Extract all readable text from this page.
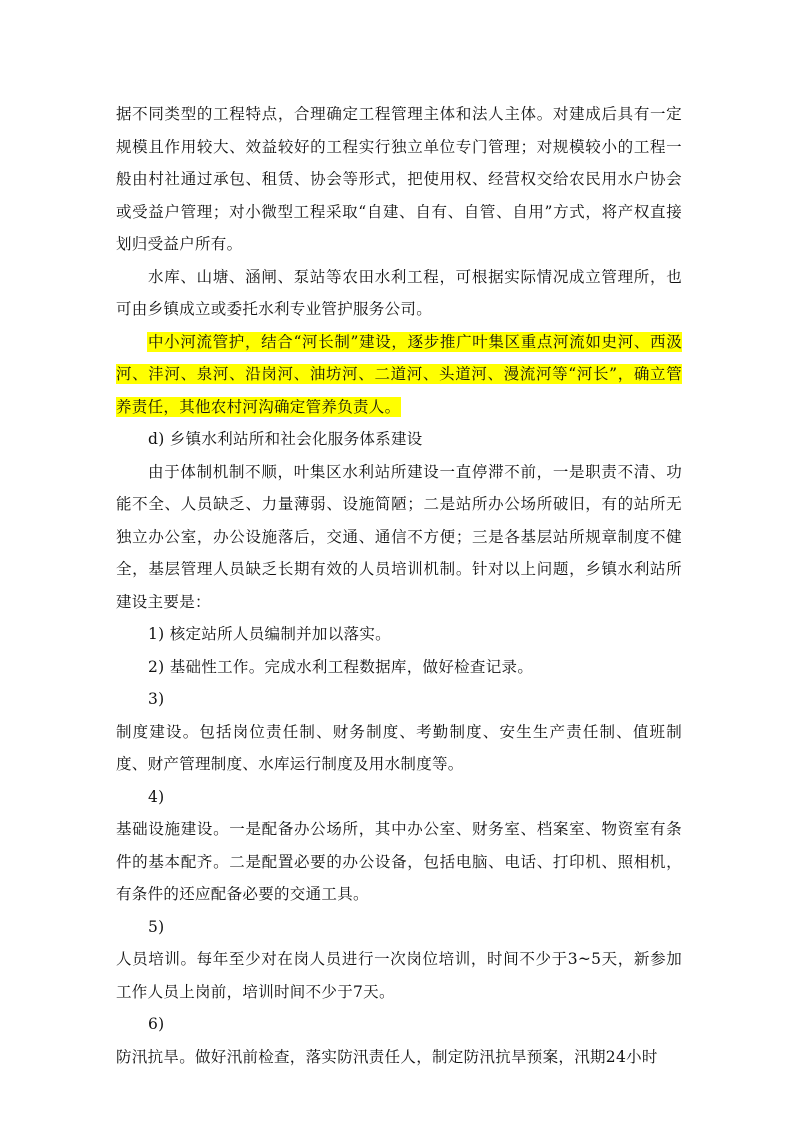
据不同类型的工程特点，合理确定工程管理主体和法人主体。对建成后具有一定规模且作用较大、效益较好的工程实行独立单位专门管理；对规模较小的工程一般由村社通过承包、租赁、协会等形式，把使用权、经营权交给农民用水户协会或受益户管理；对小微型工程采取“自建、自有、自管、自用”方式，将产权直接划归受益户所有。

水库、山塘、涵闸、泵站等农田水利工程，可根据实际情况成立管理所，也可由乡镇成立或委托水利专业管护服务公司。

中小河流管护，结合“河长制”建设，逐步推广叶集区重点河流如史河、西汲河、沣河、泉河、沿岗河、油坊河、二道河、头道河、漫流河等“河长”，确立管养责任，其他农村河沟确定管养负责人。

d) 乡镇水利站所和社会化服务体系建设

由于体制机制不顺，叶集区水利站所建设一直停滞不前，一是职责不清、功能不全、人员缺乏、力量薄弱、设施简陋；二是站所办公场所破旧，有的站所无独立办公室，办公设施落后，交通、通信不方便；三是各基层站所规章制度不健全，基层管理人员缺乏长期有效的人员培训机制。针对以上问题，乡镇水利站所建设主要是：

1) 核定站所人员编制并加以落实。

2) 基础性工作。完成水利工程数据库，做好检查记录。

3)

制度建设。包括岗位责任制、财务制度、考勤制度、安生生产责任制、值班制度、财产管理制度、水库运行制度及用水制度等。

4)

基础设施建设。一是配备办公场所，其中办公室、财务室、档案室、物资室有条件的基本配齐。二是配置必要的办公设备，包括电脑、电话、打印机、照相机，有条件的还应配备必要的交通工具。

5)

人员培训。每年至少对在岗人员进行一次岗位培训，时间不少于3~5天，新参加工作人员上岗前，培训时间不少于7天。

6)

防汛抗旱。做好汛前检查，落实防汛责任人，制定防汛抗旱预案，汛期24小时
